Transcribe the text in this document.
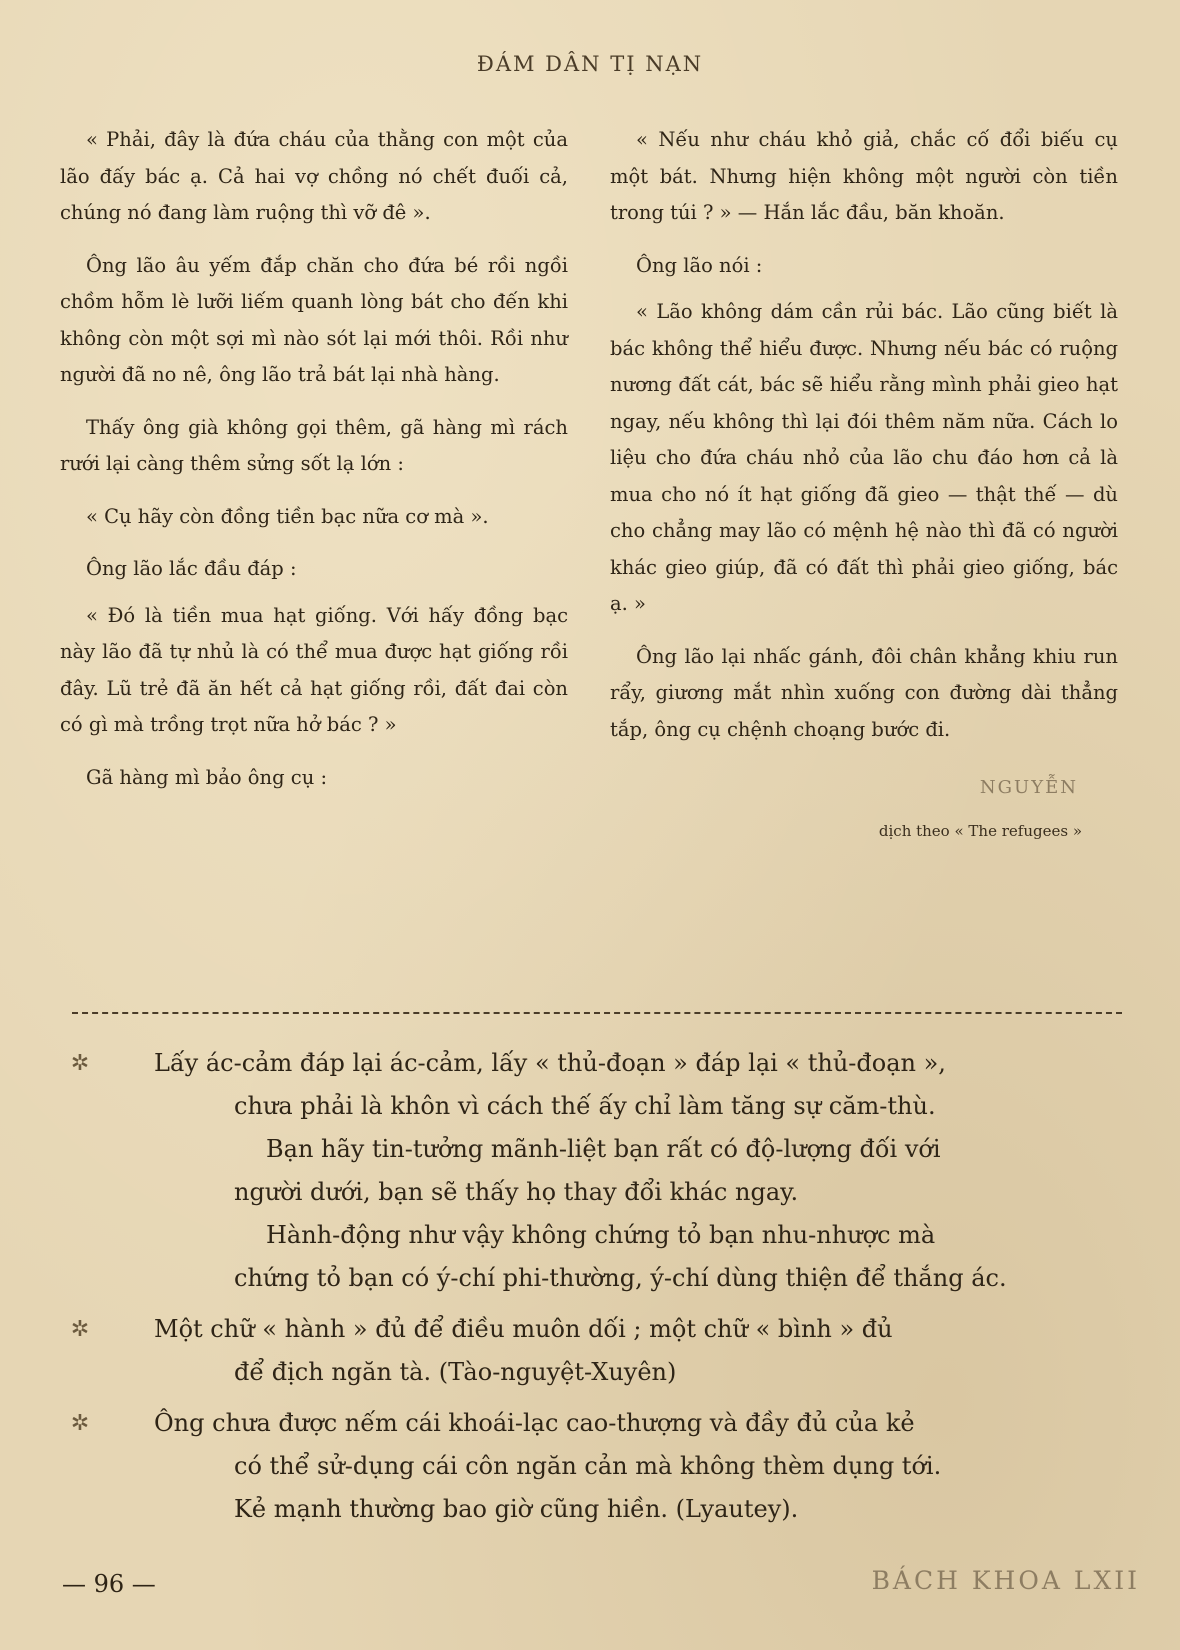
ĐÁM DÂN TỊ NẠN

« Phải, đây là đứa cháu của thằng con một của lão đấy bác ạ. Cả hai vợ chồng nó chết đuối cả, chúng nó đang làm ruộng thì vỡ đê ».

Ông lão âu yếm đắp chăn cho đứa bé rồi ngồi chồm hỗm lè lưỡi liếm quanh lòng bát cho đến khi không còn một sợi mì nào sót lại mới thôi. Rồi như người đã no nê, ông lão trả bát lại nhà hàng.

Thấy ông già không gọi thêm, gã hàng mì rách rưới lại càng thêm sửng sốt lạ lớn :

« Cụ hãy còn đồng tiền bạc nữa cơ mà ».

Ông lão lắc đầu đáp :

« Đó là tiền mua hạt giống. Với hấy đồng bạc này lão đã tự nhủ là có thể mua được hạt giống rồi đây. Lũ trẻ đã ăn hết cả hạt giống rồi, đất đai còn có gì mà trồng trọt nữa hở bác ? »

Gã hàng mì bảo ông cụ :

« Nếu như cháu khỏ giả, chắc cố đổi biếu cụ một bát. Nhưng hiện không một người còn tiền trong túi ? » — Hắn lắc đầu, băn khoăn.

Ông lão nói :

« Lão không dám cần rủi bác. Lão cũng biết là bác không thể hiểu được. Nhưng nếu bác có ruộng nương đất cát, bác sẽ hiểu rằng mình phải gieo hạt ngay, nếu không thì lại đói thêm năm nữa. Cách lo liệu cho đứa cháu nhỏ của lão chu đáo hơn cả là mua cho nó ít hạt giống đã gieo — thật thế — dù cho chẳng may lão có mệnh hệ nào thì đã có người khác gieo giúp, đã có đất thì phải gieo giống, bác ạ. »

Ông lão lại nhấc gánh, đôi chân khẳng khiu run rẩy, giương mắt nhìn xuống con đường dài thẳng tắp, ông cụ chệnh choạng bước đi.

NGUYỄN
dịch theo « The refugees »
✲	Lấy ác-cảm đáp lại ác-cảm, lấy « thủ-đoạn » đáp lại « thủ-đoạn »,
chưa phải là khôn vì cách thế ấy chỉ làm tăng sự căm-thù.
Bạn hãy tin-tưởng mãnh-liệt bạn rất có độ-lượng đối với
người dưới, bạn sẽ thấy họ thay đổi khác ngay.
Hành-động như vậy không chứng tỏ bạn nhu-nhược mà
chứng tỏ bạn có ý-chí phi-thường, ý-chí dùng thiện để thắng ác.
✲	Một chữ « hành » đủ để điều muôn dối ; một chữ « bình » đủ
để địch ngăn tà. (Tào-nguyệt-Xuyên)
✲	Ông chưa được nếm cái khoái-lạc cao-thượng và đầy đủ của kẻ
có thể sử-dụng cái côn ngăn cản mà không thèm dụng tới.
Kẻ mạnh thường bao giờ cũng hiền. (Lyautey).
— 96 —	BÁCH KHOA LXII
